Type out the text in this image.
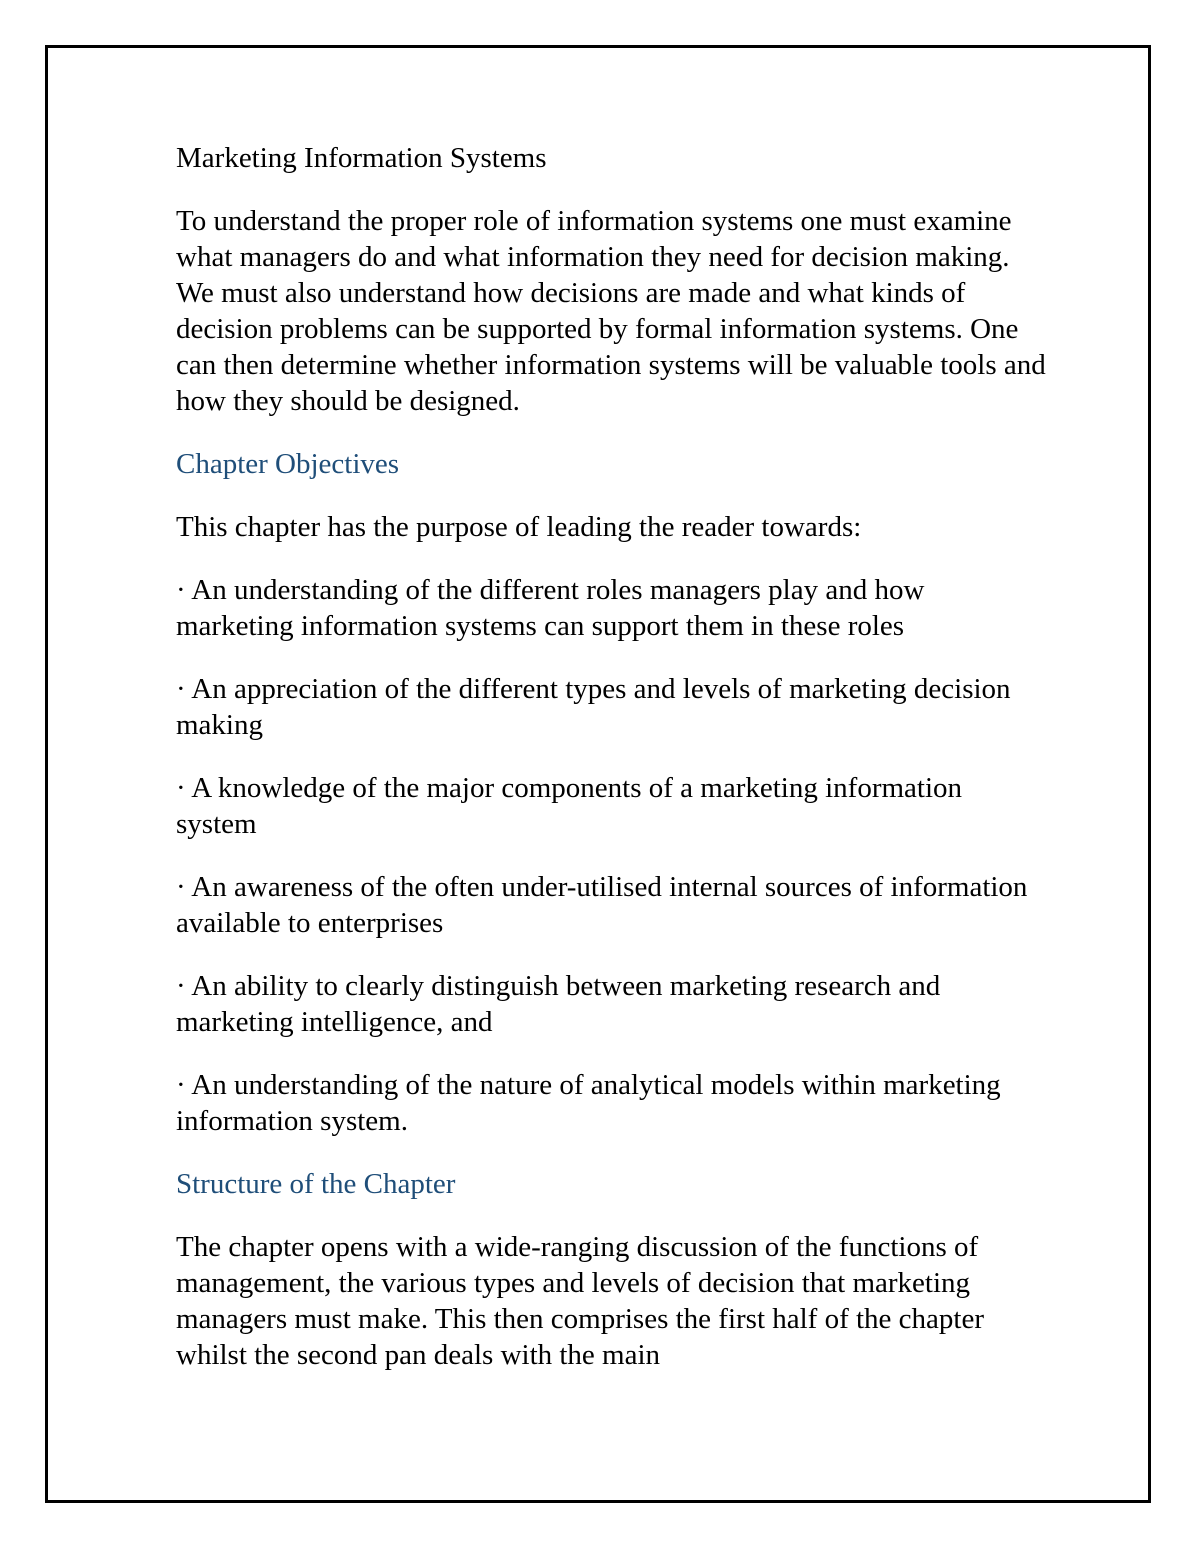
Marketing Information Systems

To understand the proper role of information systems one must examine what managers do and what information they need for decision making. We must also understand how decisions are made and what kinds of decision problems can be supported by formal information systems. One can then determine whether information systems will be valuable tools and how they should be designed.

Chapter Objectives

This chapter has the purpose of leading the reader towards:

· An understanding of the different roles managers play and how marketing information systems can support them in these roles

· An appreciation of the different types and levels of marketing decision making

· A knowledge of the major components of a marketing information system

· An awareness of the often under-utilised internal sources of information available to enterprises

· An ability to clearly distinguish between marketing research and marketing intelligence, and

· An understanding of the nature of analytical models within marketing information system.

Structure of the Chapter

The chapter opens with a wide-ranging discussion of the functions of management, the various types and levels of decision that marketing managers must make. This then comprises the first half of the chapter whilst the second pan deals with the main
